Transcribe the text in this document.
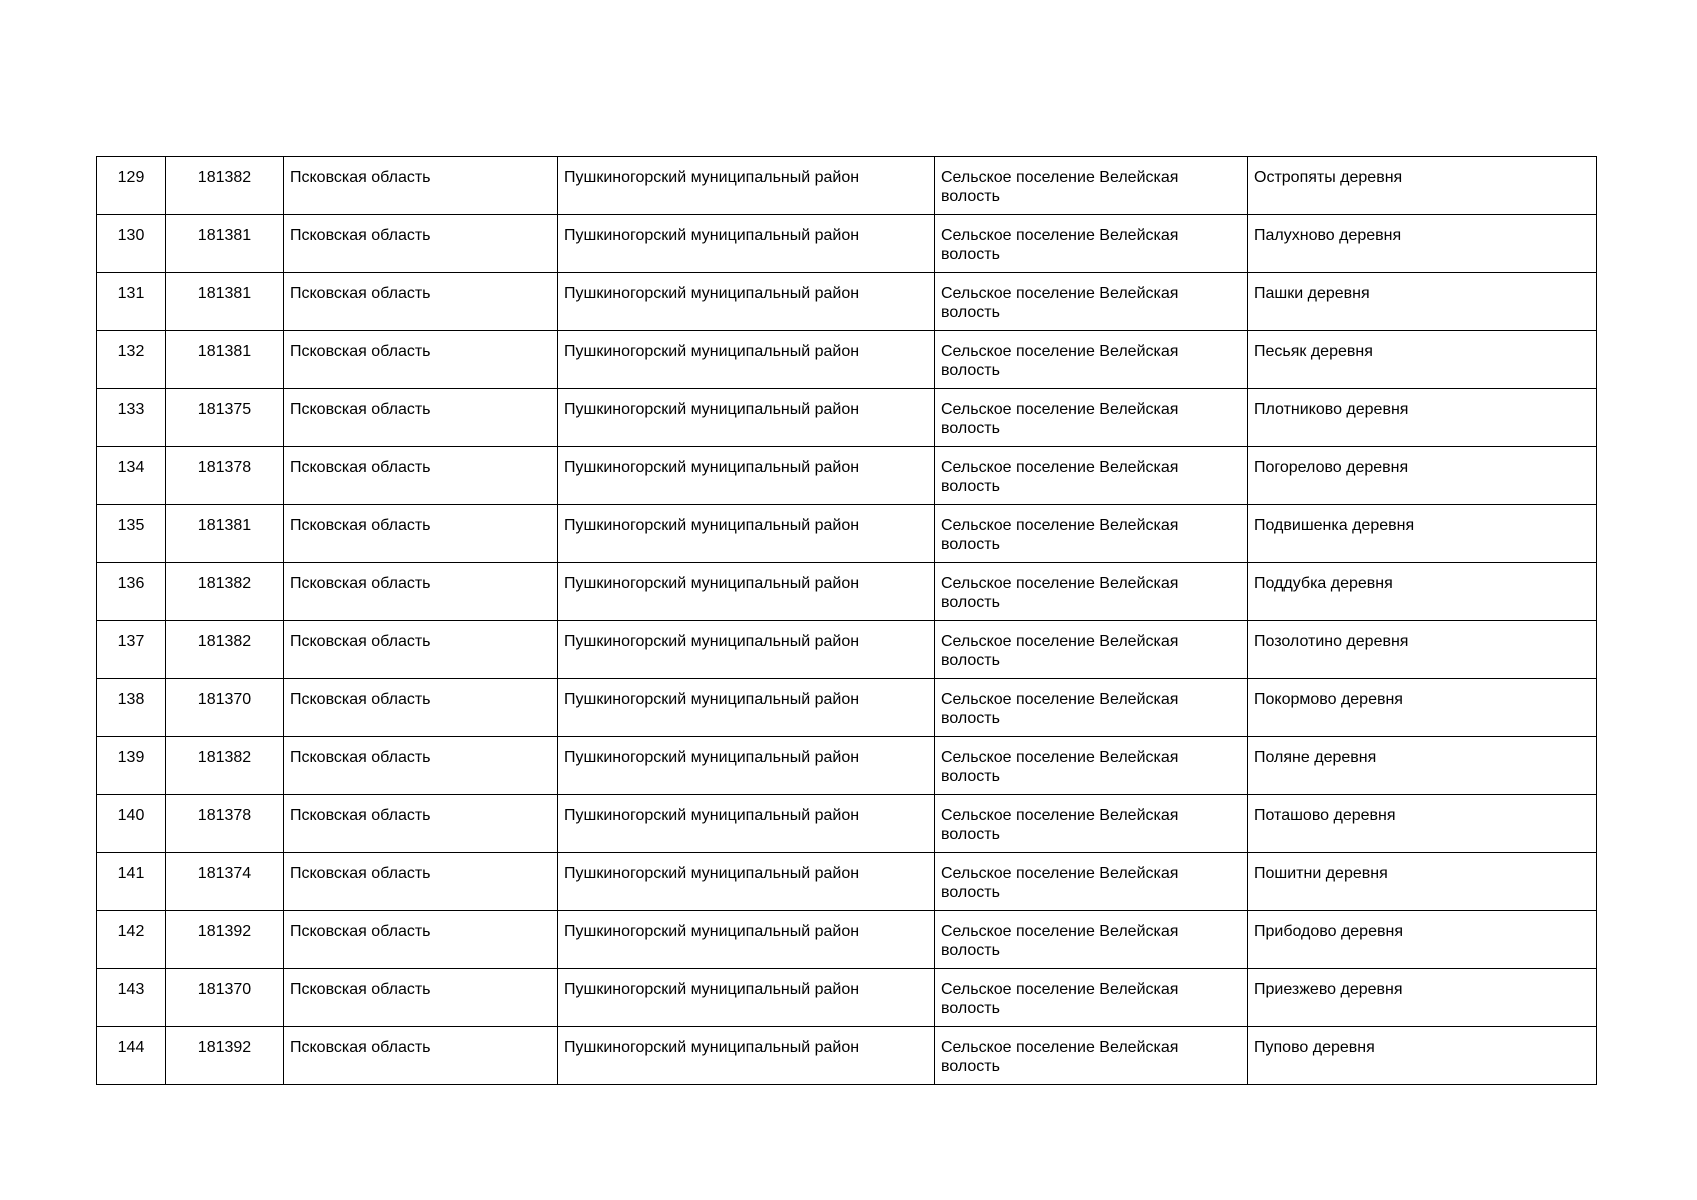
129	181382	Псковская область	Пушкиногорский муниципальный район	Сельское поселение Велейская волость	Остропяты деревня
130	181381	Псковская область	Пушкиногорский муниципальный район	Сельское поселение Велейская волость	Палухново деревня
131	181381	Псковская область	Пушкиногорский муниципальный район	Сельское поселение Велейская волость	Пашки деревня
132	181381	Псковская область	Пушкиногорский муниципальный район	Сельское поселение Велейская волость	Песьяк деревня
133	181375	Псковская область	Пушкиногорский муниципальный район	Сельское поселение Велейская волость	Плотниково деревня
134	181378	Псковская область	Пушкиногорский муниципальный район	Сельское поселение Велейская волость	Погорелово деревня
135	181381	Псковская область	Пушкиногорский муниципальный район	Сельское поселение Велейская волость	Подвишенка деревня
136	181382	Псковская область	Пушкиногорский муниципальный район	Сельское поселение Велейская волость	Поддубка деревня
137	181382	Псковская область	Пушкиногорский муниципальный район	Сельское поселение Велейская волость	Позолотино деревня
138	181370	Псковская область	Пушкиногорский муниципальный район	Сельское поселение Велейская волость	Покормово деревня
139	181382	Псковская область	Пушкиногорский муниципальный район	Сельское поселение Велейская волость	Поляне деревня
140	181378	Псковская область	Пушкиногорский муниципальный район	Сельское поселение Велейская волость	Поташово деревня
141	181374	Псковская область	Пушкиногорский муниципальный район	Сельское поселение Велейская волость	Пошитни деревня
142	181392	Псковская область	Пушкиногорский муниципальный район	Сельское поселение Велейская волость	Прибодово деревня
143	181370	Псковская область	Пушкиногорский муниципальный район	Сельское поселение Велейская волость	Приезжево деревня
144	181392	Псковская область	Пушкиногорский муниципальный район	Сельское поселение Велейская волость	Пупово деревня
